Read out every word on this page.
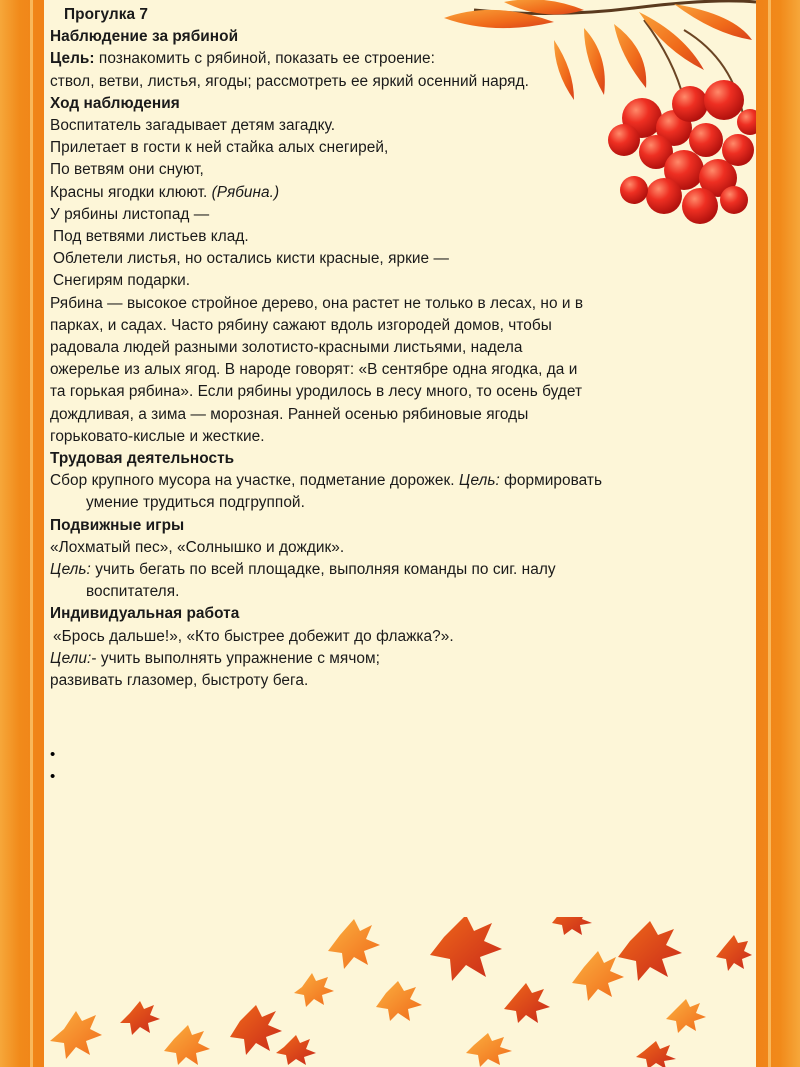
Прогулка 7

Наблюдение за рябиной

Цель: познакомить с рябиной, показать ее строение:

ствол, ветви, листья, ягоды; рассмотреть ее яркий осенний наряд.

Ход наблюдения

Воспитатель загадывает детям загадку.

Прилетает в гости к ней стайка алых снегирей,

По ветвям они снуют,

Красны ягодки клюют. (Рябина.)

У рябины листопад —

Под ветвями листьев клад.

Облетели листья, но остались кисти красные, яркие —

Снегирям подарки.

Рябина — высокое стройное дерево, она растет не только в лесах, но и в

парках, и садах. Часто рябину сажают вдоль изгородей домов, чтобы

радовала людей разными золотисто-красными листьями, надела

ожерелье из алых ягод. В народе говорят: «В сентябре одна ягодка, да и

та горькая рябина». Если рябины уродилось в лесу много, то осень будет

дождливая, а зима — морозная. Ранней осенью рябиновые ягоды

горьковато-кислые и жесткие.

Трудовая деятельность

Сбор крупного мусора на участке, подметание дорожек. Цель: формировать

умение трудиться подгруппой.

Подвижные игры

«Лохматый пес», «Солнышко и дождик».

Цель: учить бегать по всей площадке, выполняя команды по сиг. налу

воспитателя.

Индивидуальная работа

«Брось дальше!», «Кто быстрее добежит до флажка?».

Цели:- учить выполнять упражнение с мячом;

развивать глазомер, быстроту бега.

•
•
